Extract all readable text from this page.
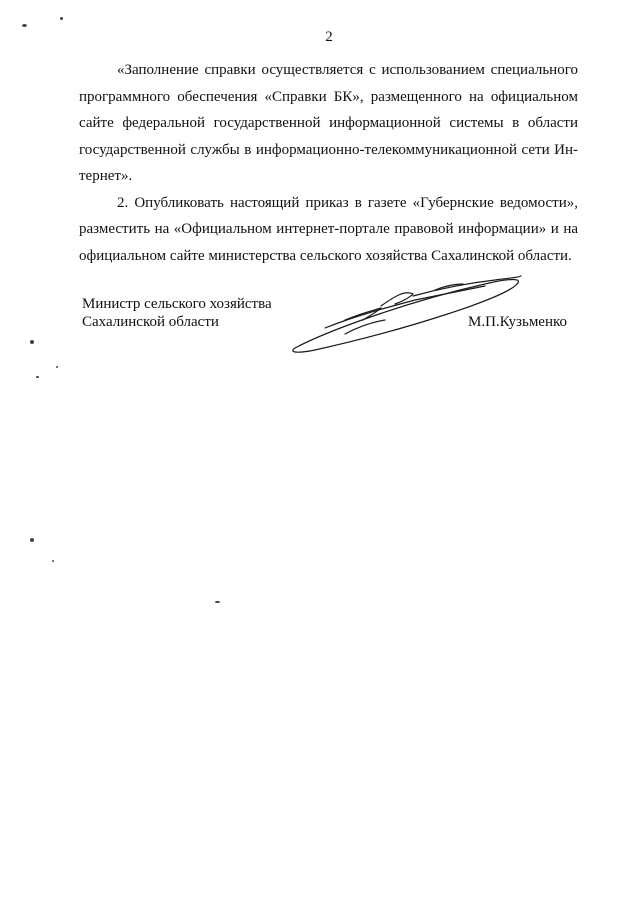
2

«Заполнение справки осуществляется с использованием специального программного обеспечения «Справки БК», размещенного на официальном сайте федеральной государственной информационной системы в области государственной службы в информационно-телекоммуникационной сети Интернет».

2. Опубликовать настоящий приказ в газете «Губернские ведомости», разместить на «Официальном интернет-портале правовой информации» и на официальном сайте министерства сельского хозяйства Сахалинской области.

Министр сельского хозяйства
Сахалинской области	М.П.Кузьменко
